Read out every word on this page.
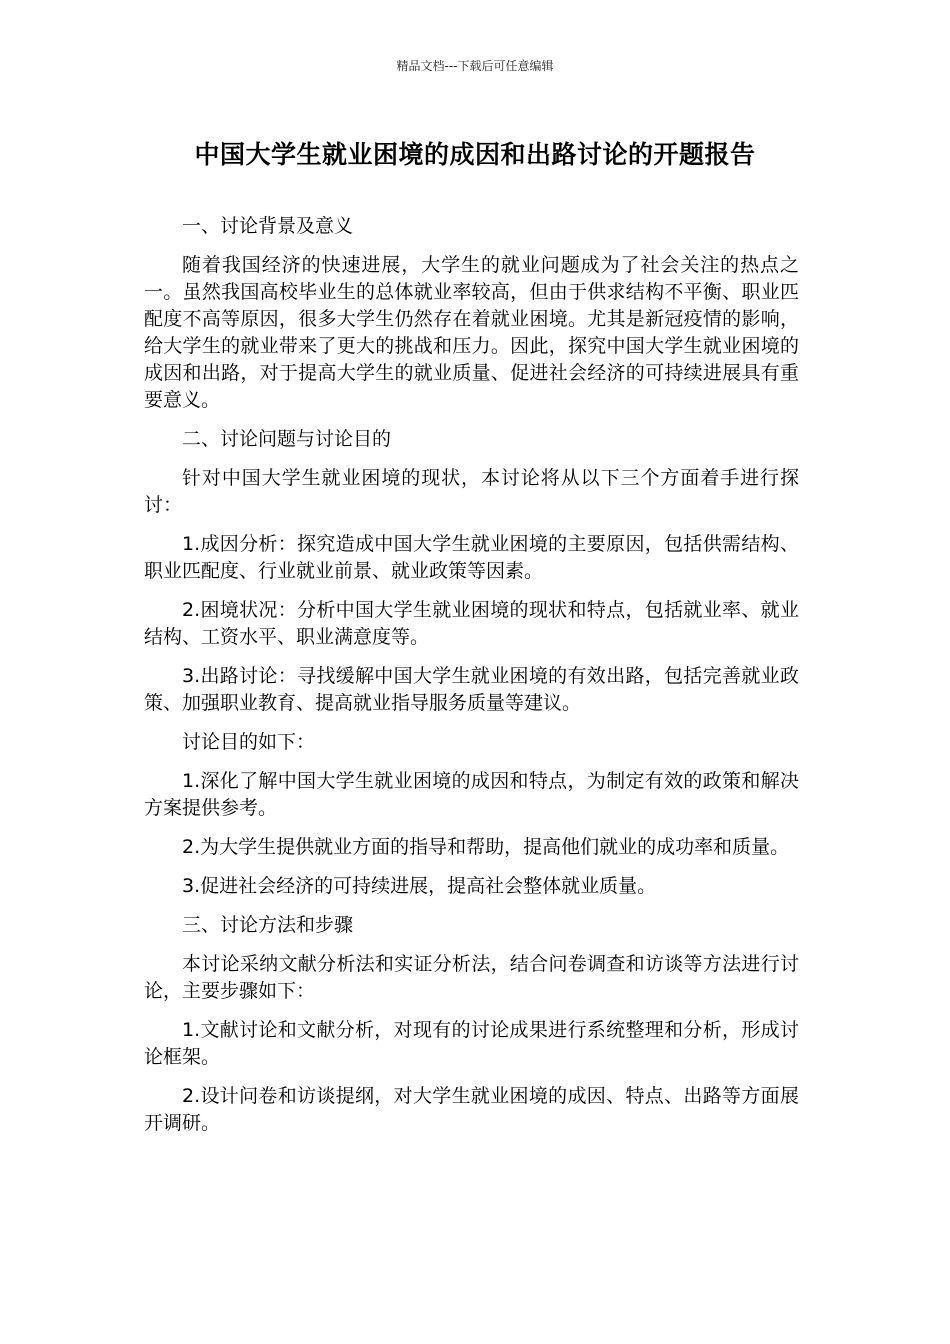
精品文档---下载后可任意编辑
中国大学生就业困境的成因和出路讨论的开题报告

一、讨论背景及意义

随着我国经济的快速进展，大学生的就业问题成为了社会关注的热点之一。虽然我国高校毕业生的总体就业率较高，但由于供求结构不平衡、职业匹配度不高等原因，很多大学生仍然存在着就业困境。尤其是新冠疫情的影响，给大学生的就业带来了更大的挑战和压力。因此，探究中国大学生就业困境的成因和出路，对于提高大学生的就业质量、促进社会经济的可持续进展具有重要意义。

二、讨论问题与讨论目的

针对中国大学生就业困境的现状，本讨论将从以下三个方面着手进行探讨：

1.成因分析：探究造成中国大学生就业困境的主要原因，包括供需结构、职业匹配度、行业就业前景、就业政策等因素。

2.困境状况：分析中国大学生就业困境的现状和特点，包括就业率、就业结构、工资水平、职业满意度等。

3.出路讨论：寻找缓解中国大学生就业困境的有效出路，包括完善就业政策、加强职业教育、提高就业指导服务质量等建议。

讨论目的如下：

1.深化了解中国大学生就业困境的成因和特点，为制定有效的政策和解决方案提供参考。

2.为大学生提供就业方面的指导和帮助，提高他们就业的成功率和质量。

3.促进社会经济的可持续进展，提高社会整体就业质量。

三、讨论方法和步骤

本讨论采纳文献分析法和实证分析法，结合问卷调查和访谈等方法进行讨论，主要步骤如下：

1.文献讨论和文献分析，对现有的讨论成果进行系统整理和分析，形成讨论框架。

2.设计问卷和访谈提纲，对大学生就业困境的成因、特点、出路等方面展开调研。
